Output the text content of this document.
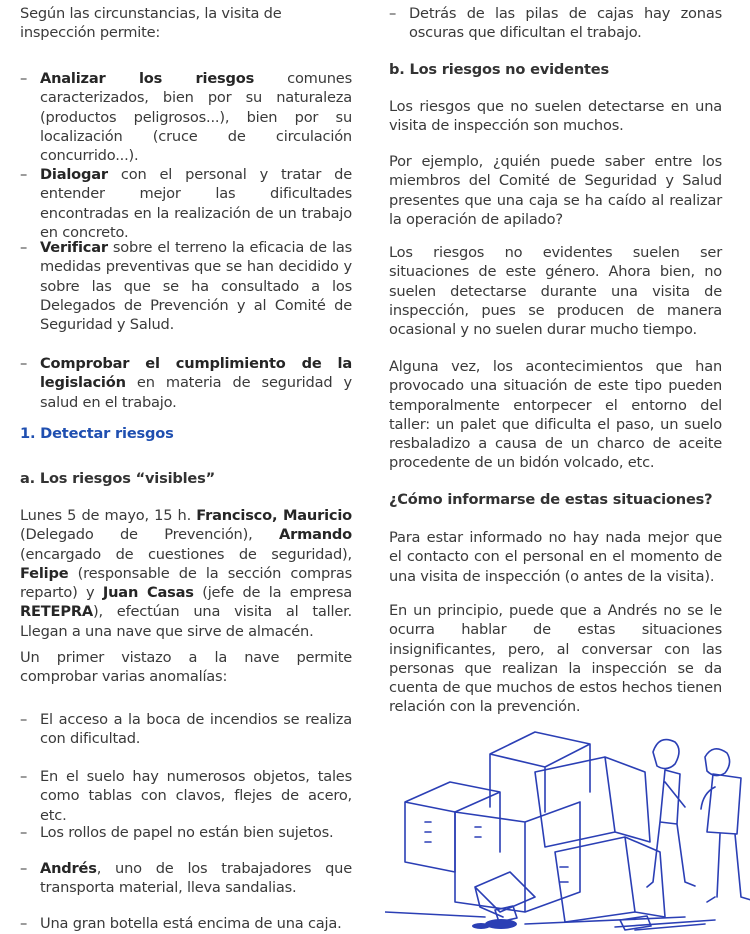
Según las circunstancias, la visita de inspección permite:

– Analizar los riesgos comunes caracterizados, bien por su naturaleza (productos peligrosos...), bien por su localización (cruce de circulación concurrido...).
– Dialogar con el personal y tratar de entender mejor las dificultades encontradas en la realización de un trabajo en concreto.
– Verificar sobre el terreno la eficacia de las medidas preventivas que se han decidido y sobre las que se ha consultado a los Delegados de Prevención y al Comité de Seguridad y Salud.
– Comprobar el cumplimiento de la legislación en materia de seguridad y salud en el trabajo.

1. Detectar riesgos

a. Los riesgos “visibles”

Lunes 5 de mayo, 15 h. Francisco, Mauricio (Delegado de Prevención), Armando (encargado de cuestiones de seguridad), Felipe (responsable de la sección compras reparto) y Juan Casas (jefe de la empresa RETEPRA), efectúan una visita al taller. Llegan a una nave que sirve de almacén.

Un primer vistazo a la nave permite comprobar varias anomalías:

– El acceso a la boca de incendios se realiza con dificultad.
– En el suelo hay numerosos objetos, tales como tablas con clavos, flejes de acero, etc.
– Los rollos de papel no están bien sujetos.
– Andrés, uno de los trabajadores que transporta material, lleva sandalias.
– Una gran botella está encima de una caja.
– Detrás de las pilas de cajas hay zonas oscuras que dificultan el trabajo.

b. Los riesgos no evidentes

Los riesgos que no suelen detectarse en una visita de inspección son muchos.

Por ejemplo, ¿quién puede saber entre los miembros del Comité de Seguridad y Salud presentes que una caja se ha caído al realizar la operación de apilado?

Los riesgos no evidentes suelen ser situaciones de este género. Ahora bien, no suelen detectarse durante una visita de inspección, pues se producen de manera ocasional y no suelen durar mucho tiempo.

Alguna vez, los acontecimientos que han provocado una situación de este tipo pueden temporalmente entorpecer el entorno del taller: un palet que dificulta el paso, un suelo resbaladizo a causa de un charco de aceite procedente de un bidón volcado, etc.

¿Cómo informarse de estas situaciones?

Para estar informado no hay nada mejor que el contacto con el personal en el momento de una visita de inspección (o antes de la visita).

En un principio, puede que a Andrés no se le ocurra hablar de estas situaciones insignificantes, pero, al conversar con las personas que realizan la inspección se da cuenta de que muchos de estos hechos tienen relación con la prevención.
